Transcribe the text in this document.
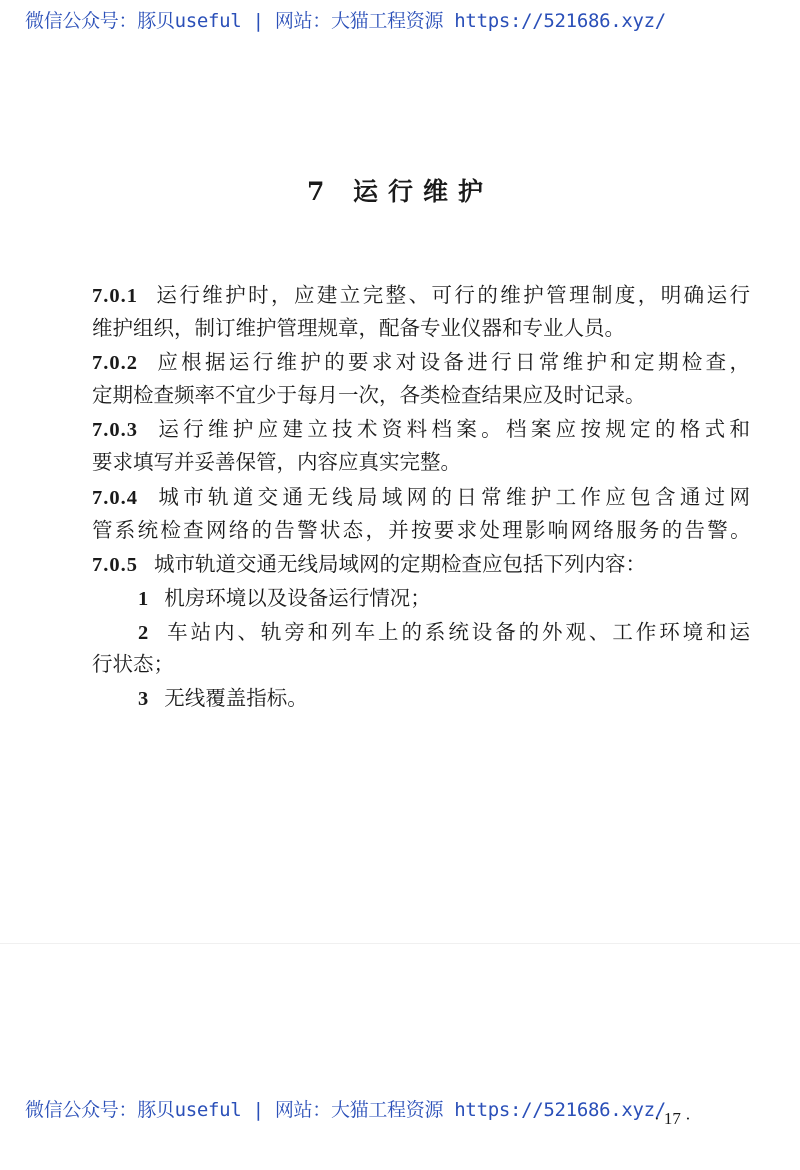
微信公众号：豚贝useful | 网站：大猫工程资源 https://521686.xyz/
7 运行维护
7.0.1 运行维护时，应建立完整、可行的维护管理制度，明确运行
维护组织，制订维护管理规章，配备专业仪器和专业人员。
7.0.2 应根据运行维护的要求对设备进行日常维护和定期检查，
定期检查频率不宜少于每月一次，各类检查结果应及时记录。
7.0.3 运行维护应建立技术资料档案。档案应按规定的格式和
要求填写并妥善保管，内容应真实完整。
7.0.4 城市轨道交通无线局域网的日常维护工作应包含通过网
管系统检查网络的告警状态，并按要求处理影响网络服务的告警。
7.0.5 城市轨道交通无线局域网的定期检查应包括下列内容：
1 机房环境以及设备运行情况；
2 车站内、轨旁和列车上的系统设备的外观、工作环境和运
行状态；
3 无线覆盖指标。
微信公众号：豚贝useful | 网站：大猫工程资源 https://521686.xyz/
· 17 ·
